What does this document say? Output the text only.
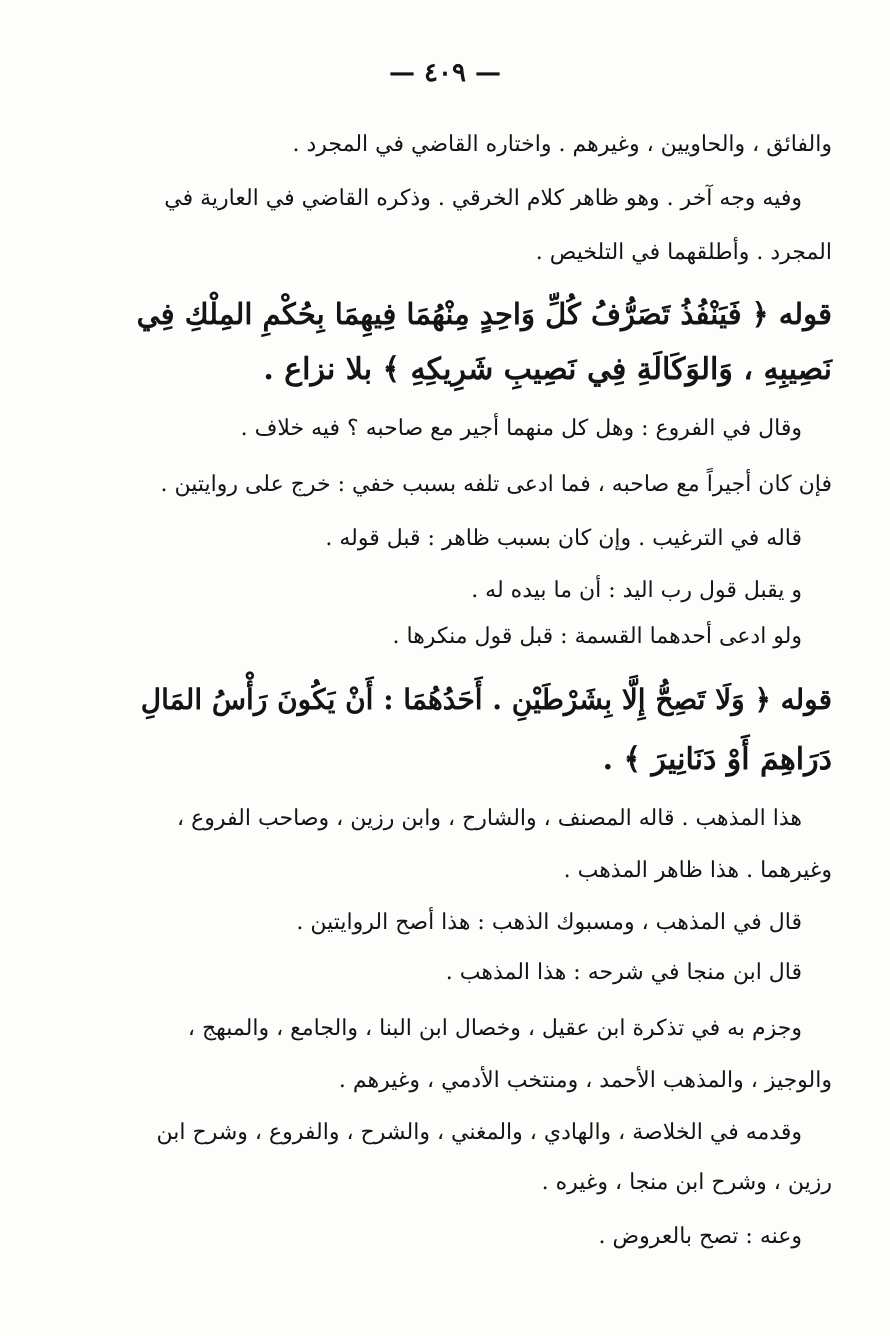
— ٤٠٩ —
والفائق ، والحاويين ، وغيرهم . واختاره القاضي في المجرد .
وفيه وجه آخر . وهو ظاهر كلام الخرقي . وذكره القاضي في العارية في
المجرد . وأطلقهما في التلخيص .
قوله ﴿ فَيَنْفُذُ تَصَرُّفُ كُلِّ وَاحِدٍ مِنْهُمَا فِيهِمَا بِحُكْمِ المِلْكِ فِي
نَصِيبِهِ ، وَالوَكَالَةِ فِي نَصِيبِ شَرِيكِهِ ﴾ بلا نزاع .
وقال في الفروع : وهل كل منهما أجير مع صاحبه ؟ فيه خلاف .
فإن كان أجيراً مع صاحبه ، فما ادعى تلفه بسبب خفي : خرج على روايتين .
قاله في الترغيب . وإن كان بسبب ظاهر : قبل قوله .
و يقبل قول رب اليد : أن ما بيده له .
ولو ادعى أحدهما القسمة : قبل قول منكرها .
قوله ﴿ وَلَا تَصِحُّ إِلَّا بِشَرْطَيْنِ . أَحَدُهُمَا : أَنْ يَكُونَ رَأْسُ المَالِ
دَرَاهِمَ أَوْ دَنَانِيرَ ﴾ .
هذا المذهب . قاله المصنف ، والشارح ، وابن رزين ، وصاحب الفروع ،
وغيرهما . هذا ظاهر المذهب .
قال في المذهب ، ومسبوك الذهب : هذا أصح الروايتين .
قال ابن منجا في شرحه : هذا المذهب .
وجزم به في تذكرة ابن عقيل ، وخصال ابن البنا ، والجامع ، والمبهج ،
والوجيز ، والمذهب الأحمد ، ومنتخب الأدمي ، وغيرهم .
وقدمه في الخلاصة ، والهادي ، والمغني ، والشرح ، والفروع ، وشرح ابن
رزين ، وشرح ابن منجا ، وغيره .
وعنه : تصح بالعروض .
